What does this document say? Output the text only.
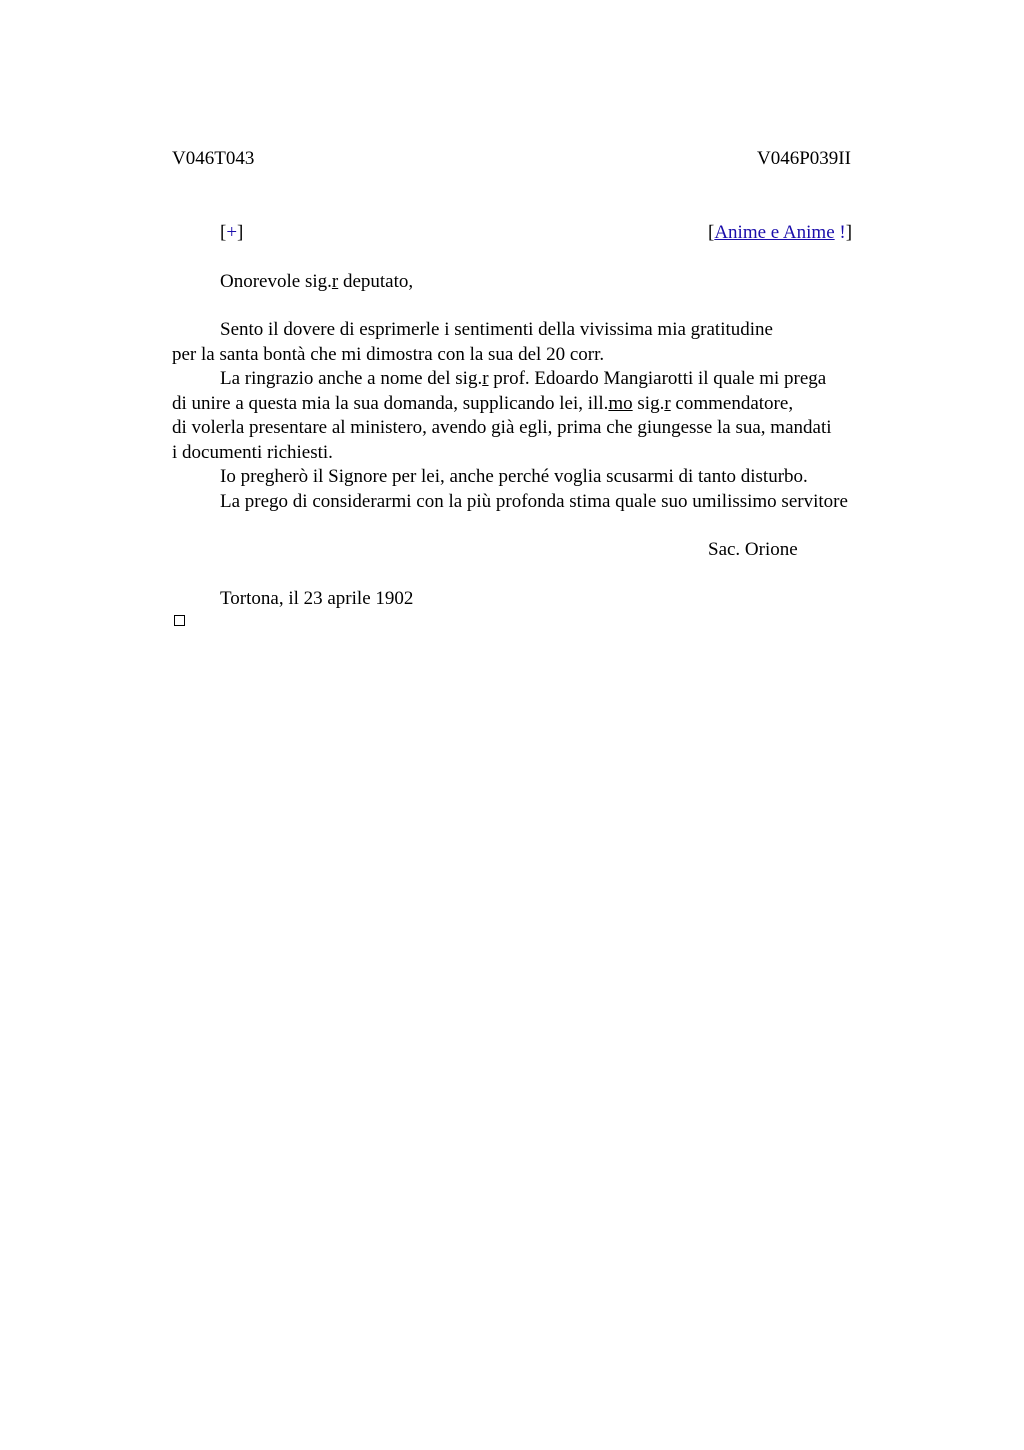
V046T043	V046P039II
[+]	[Anime e Anime !]
Onorevole sig.r deputato,
Sento il dovere di esprimerle i sentimenti della vivissima mia gratitudine
per la santa bontà che mi dimostra con la sua del 20 corr.
La ringrazio anche a nome del sig.r prof. Edoardo Mangiarotti il quale mi prega
di unire a questa mia la sua domanda, supplicando lei, ill.mo sig.r commendatore,
di volerla presentare al ministero, avendo già egli, prima che giungesse la sua, mandati
i documenti richiesti.
Io pregherò il Signore per lei, anche perché voglia scusarmi di tanto disturbo.
La prego di considerarmi con la più profonda stima quale suo umilissimo servitore
Sac. Orione
Tortona, il 23 aprile 1902
